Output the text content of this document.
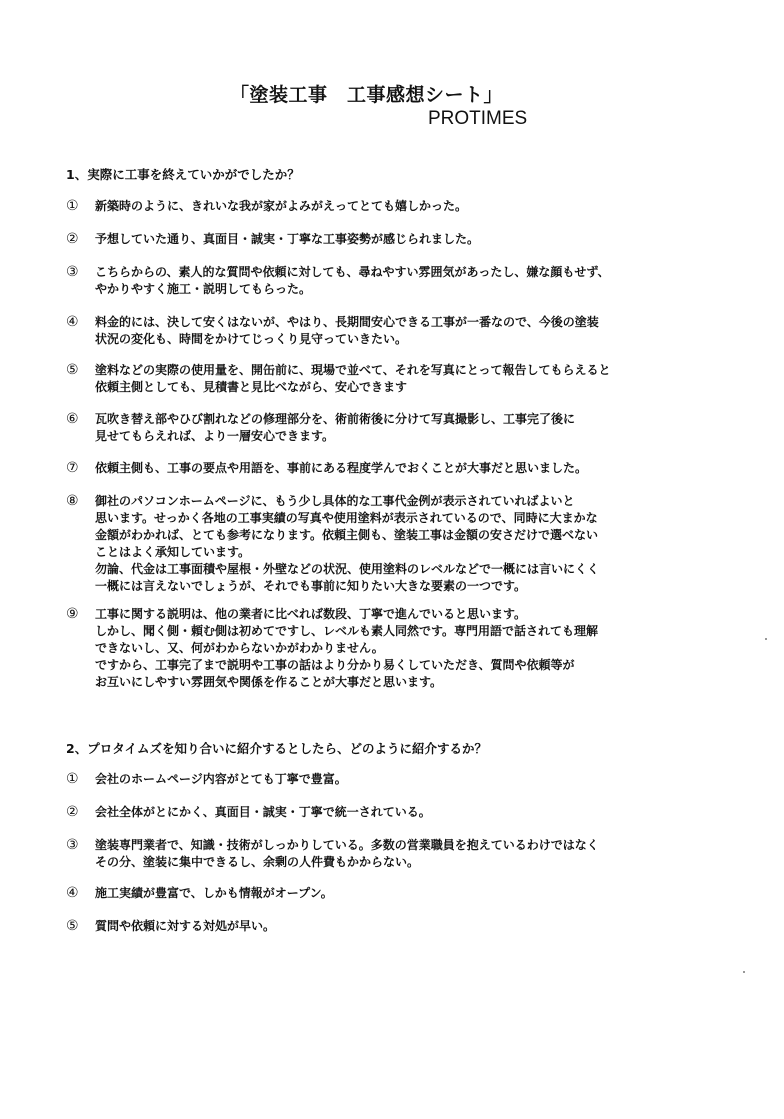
「塗装工事　工事感想シート」
PROTIMES
1、実際に工事を終えていかがでしたか？
① 新築時のように、きれいな我が家がよみがえってとても嬉しかった。
② 予想していた通り、真面目・誠実・丁寧な工事姿勢が感じられました。
③ こちらからの、素人的な質問や依頼に対しても、尋ねやすい雰囲気があったし、嫌な顔もせず、
やかりやすく施工・説明してもらった。
④ 料金的には、決して安くはないが、やはり、長期間安心できる工事が一番なので、今後の塗装
状況の変化も、時間をかけてじっくり見守っていきたい。
⑤ 塗料などの実際の使用量を、開缶前に、現場で並べて、それを写真にとって報告してもらえると
依頼主側としても、見積書と見比べながら、安心できます
⑥ 瓦吹き替え部やひび割れなどの修理部分を、術前術後に分けて写真撮影し、工事完了後に
見せてもらえれば、より一層安心できます。
⑦ 依頼主側も、工事の要点や用語を、事前にある程度学んでおくことが大事だと思いました。
⑧ 御社のパソコンホームページに、もう少し具体的な工事代金例が表示されていればよいと
思います。せっかく各地の工事実績の写真や使用塗料が表示されているので、同時に大まかな
金額がわかれば、とても参考になります。依頼主側も、塗装工事は金額の安さだけで選べない
ことはよく承知しています。
勿論、代金は工事面積や屋根・外壁などの状況、使用塗料のレベルなどで一概には言いにくく
一概には言えないでしょうが、それでも事前に知りたい大きな要素の一つです。
⑨ 工事に関する説明は、他の業者に比べれば数段、丁寧で進んでいると思います。
しかし、聞く側・頼む側は初めてですし、レベルも素人同然です。専門用語で話されても理解
できないし、又、何がわからないかがわかりません。
ですから、工事完了まで説明や工事の話はより分かり易くしていただき、質問や依頼等が
お互いにしやすい雰囲気や関係を作ることが大事だと思います。
2、プロタイムズを知り合いに紹介するとしたら、どのように紹介するか？
① 会社のホームページ内容がとても丁寧で豊富。
② 会社全体がとにかく、真面目・誠実・丁寧で統一されている。
③ 塗装専門業者で、知識・技術がしっかりしている。多数の営業職員を抱えているわけではなく
その分、塗装に集中できるし、余剰の人件費もかからない。
④ 施工実績が豊富で、しかも情報がオープン。
⑤ 質問や依頼に対する対処が早い。
